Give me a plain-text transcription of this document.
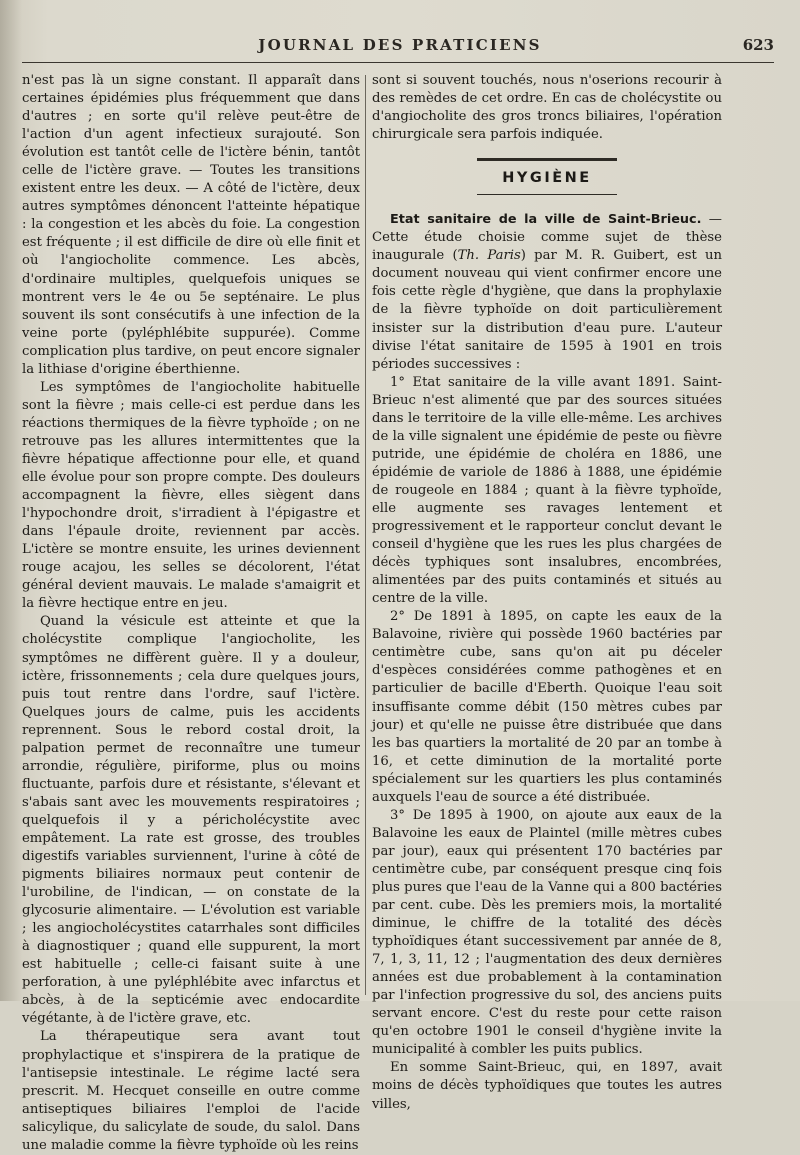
JOURNAL DES PRATICIENS	623

n'est pas là un signe constant. Il apparaît dans certaines épidémies plus fréquemment que dans d'autres ; en sorte qu'il relève peut-être de l'action d'un agent infectieux surajouté. Son évolution est tantôt celle de l'ictère bénin, tantôt celle de l'ictère grave. — Toutes les transitions existent entre les deux. — A côté de l'ictère, deux autres symptômes dénoncent l'atteinte hépatique : la congestion et les abcès du foie. La congestion est fréquente ; il est difficile de dire où elle finit et où l'angiocholite commence. Les abcès, d'ordinaire multiples, quelquefois uniques se montrent vers le 4e ou 5e septénaire. Le plus souvent ils sont consécutifs à une infection de la veine porte (pyléphlébite suppurée). Comme complication plus tardive, on peut encore signaler la lithiase d'origine éberthienne.

Les symptômes de l'angiocholite habituelle sont la fièvre ; mais celle-ci est perdue dans les réactions thermiques de la fièvre typhoïde ; on ne retrouve pas les allures intermittentes que la fièvre hépatique affectionne pour elle, et quand elle évolue pour son propre compte. Des douleurs accompagnent la fièvre, elles siègent dans l'hypochondre droit, s'irradient à l'épigastre et dans l'épaule droite, reviennent par accès. L'ictère se montre ensuite, les urines deviennent rouge acajou, les selles se décolorent, l'état général devient mauvais. Le malade s'amaigrit et la fièvre hectique entre en jeu.

Quand la vésicule est atteinte et que la cholécystite complique l'angiocholite, les symptômes ne diffèrent guère. Il y a douleur, ictère, frissonnements ; cela dure quelques jours, puis tout rentre dans l'ordre, sauf l'ictère. Quelques jours de calme, puis les accidents reprennent. Sous le rebord costal droit, la palpation permet de reconnaître une tumeur arrondie, régulière, piriforme, plus ou moins fluctuante, parfois dure et résistante, s'élevant et s'abais sant avec les mouvements respiratoires ; quelquefois il y a péricholécystite avec empâtement. La rate est grosse, des troubles digestifs variables surviennent, l'urine à côté de pigments biliaires normaux peut contenir de l'urobiline, de l'indican, — on constate de la glycosurie alimentaire. — L'évolution est variable ; les angiocholécystites catarrhales sont difficiles à diagnostiquer ; quand elle suppurent, la mort est habituelle ; celle-ci faisant suite à une perforation, à une pyléphlébite avec infarctus et abcès, à de la septicémie avec endocardite végétante, à de l'ictère grave, etc.

La thérapeutique sera avant tout prophylactique et s'inspirera de la pratique de l'antisepsie intestinale. Le régime lacté sera prescrit. M. Hecquet conseille en outre comme antiseptiques biliaires l'emploi de l'acide salicylique, du salicylate de soude, du salol. Dans une maladie comme la fièvre typhoïde où les reins

sont si souvent touchés, nous n'oserions recourir à des remèdes de cet ordre. En cas de cholécystite ou d'angiocholite des gros troncs biliaires, l'opération chirurgicale sera parfois indiquée.

HYGIÈNE

Etat sanitaire de la ville de Saint-Brieuc. — Cette étude choisie comme sujet de thèse inaugurale (Th. Paris) par M. R. Guibert, est un document nouveau qui vient confirmer encore une fois cette règle d'hygiène, que dans la prophylaxie de la fièvre typhoïde on doit particulièrement insister sur la distribution d'eau pure. L'auteur divise l'état sanitaire de 1595 à 1901 en trois périodes successives :

1° Etat sanitaire de la ville avant 1891. Saint-Brieuc n'est alimenté que par des sources situées dans le territoire de la ville elle-même. Les archives de la ville signalent une épidémie de peste ou fièvre putride, une épidémie de choléra en 1886, une épidémie de variole de 1886 à 1888, une épidémie de rougeole en 1884 ; quant à la fièvre typhoïde, elle augmente ses ravages lentement et progressivement et le rapporteur conclut devant le conseil d'hygiène que les rues les plus chargées de décès typhiques sont insalubres, encombrées, alimentées par des puits contaminés et situés au centre de la ville.

2° De 1891 à 1895, on capte les eaux de la Balavoine, rivière qui possède 1960 bactéries par centimètre cube, sans qu'on ait pu déceler d'espèces considérées comme pathogènes et en particulier de bacille d'Eberth. Quoique l'eau soit insuffisante comme débit (150 mètres cubes par jour) et qu'elle ne puisse être distribuée que dans les bas quartiers la mortalité de 20 par an tombe à 16, et cette diminution de la mortalité porte spécialement sur les quartiers les plus contaminés auxquels l'eau de source a été distribuée.

3° De 1895 à 1900, on ajoute aux eaux de la Balavoine les eaux de Plaintel (mille mètres cubes par jour), eaux qui présentent 170 bactéries par centimètre cube, par conséquent presque cinq fois plus pures que l'eau de la Vanne qui a 800 bactéries par cent. cube. Dès les premiers mois, la mortalité diminue, le chiffre de la totalité des décès typhoïdiques étant successivement par année de 8, 7, 1, 3, 11, 12 ; l'augmentation des deux dernières années est due probablement à la contamination par l'infection progressive du sol, des anciens puits servant encore. C'est du reste pour cette raison qu'en octobre 1901 le conseil d'hygiène invite la municipalité à combler les puits publics.

En somme Saint-Brieuc, qui, en 1897, avait moins de décès typhoïdiques que toutes les autres villes,
